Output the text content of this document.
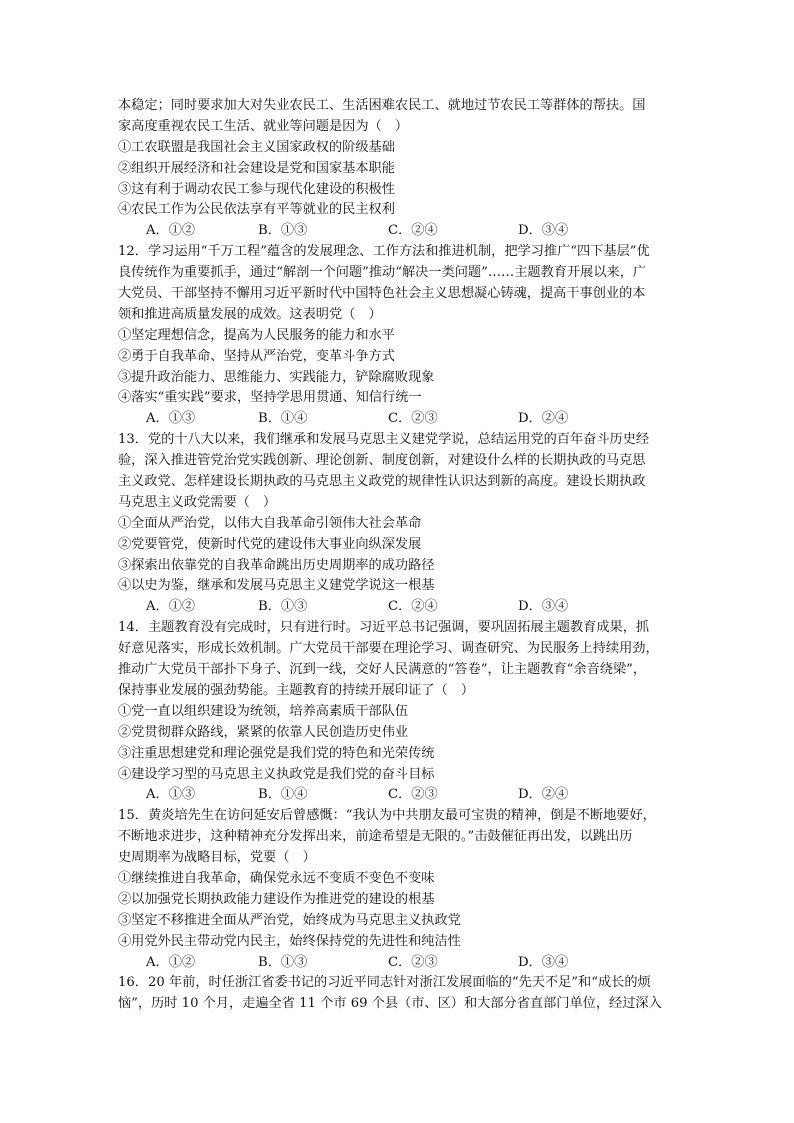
本稳定；同时要求加大对失业农民工、生活困难农民工、就地过节农民工等群体的帮扶。国
家高度重视农民工生活、就业等问题是因为（　）
①工农联盟是我国社会主义国家政权的阶级基础
②组织开展经济和社会建设是党和国家基本职能
③这有利于调动农民工参与现代化建设的积极性
④农民工作为公民依法享有平等就业的民主权利
A．①②	B．①③	C．②④	D．③④
12．学习运用“千万工程”蕴含的发展理念、工作方法和推进机制，把学习推广“四下基层”优
良传统作为重要抓手，通过“解剖一个问题”推动“解决一类问题”……主题教育开展以来，广
大党员、干部坚持不懈用习近平新时代中国特色社会主义思想凝心铸魂，提高干事创业的本
领和推进高质量发展的成效。这表明党（　）
①坚定理想信念，提高为人民服务的能力和水平
②勇于自我革命、坚持从严治党，变革斗争方式
③提升政治能力、思维能力、实践能力，铲除腐败现象
④落实“重实践”要求，坚持学思用贯通、知信行统一
A．①③	B．①④	C．②③	D．②④
13．党的十八大以来，我们继承和发展马克思主义建党学说，总结运用党的百年奋斗历史经
验，深入推进管党治党实践创新、理论创新、制度创新，对建设什么样的长期执政的马克思
主义政党、怎样建设长期执政的马克思主义政党的规律性认识达到新的高度。建设长期执政
马克思主义政党需要（　）
①全面从严治党，以伟大自我革命引领伟大社会革命
②党要管党，使新时代党的建设伟大事业向纵深发展
③探索出依靠党的自我革命跳出历史周期率的成功路径
④以史为鉴，继承和发展马克思主义建党学说这一根基
A．①②	B．①③	C．②④	D．③④
14．主题教育没有完成时，只有进行时。习近平总书记强调，要巩固拓展主题教育成果，抓
好意见落实，形成长效机制。广大党员干部要在理论学习、调查研究、为民服务上持续用劲，
推动广大党员干部扑下身子、沉到一线，交好人民满意的“答卷”，让主题教育“余音绕梁”，
保持事业发展的强劲势能。主题教育的持续开展印证了（　）
①党一直以组织建设为统领，培养高素质干部队伍
②党贯彻群众路线，紧紧的依靠人民创造历史伟业
③注重思想建党和理论强党是我们党的特色和光荣传统
④建设学习型的马克思主义执政党是我们党的奋斗目标
A．①③	B．①④	C．②③	D．②④
15．黄炎培先生在访问延安后曾感慨：“我认为中共朋友最可宝贵的精神，倒是不断地要好，
不断地求进步，这种精神充分发挥出来，前途希望是无限的。”击鼓催征再出发，以跳出历
史周期率为战略目标，党要（　）
①继续推进自我革命，确保党永远不变质不变色不变味
②以加强党长期执政能力建设作为推进党的建设的根基
③坚定不移推进全面从严治党，始终成为马克思主义执政党
④用党外民主带动党内民主，始终保持党的先进性和纯洁性
A．①②	B．①③	C．②③	D．③④
16．20 年前，时任浙江省委书记的习近平同志针对浙江发展面临的“先天不足”和“成长的烦
恼”，历时 10 个月，走遍全省 11 个市 69 个县（市、区）和大部分省直部门单位，经过深入
